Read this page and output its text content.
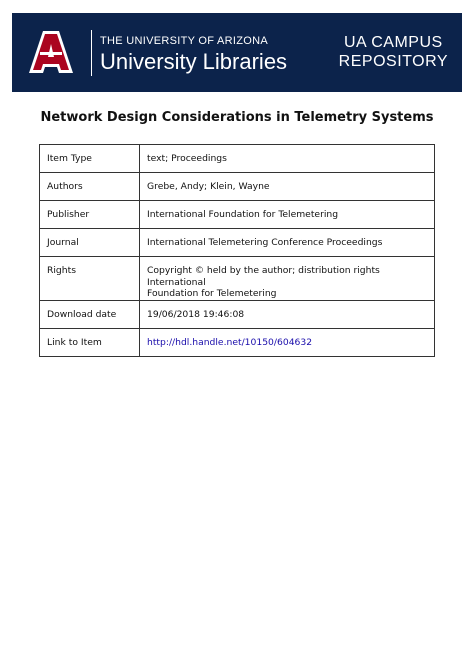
THE UNIVERSITY OF ARIZONA
University Libraries
UA CAMPUS
REPOSITORY
Network Design Considerations in Telemetry Systems
Item Type	text; Proceedings
Authors	Grebe, Andy; Klein, Wayne
Publisher	International Foundation for Telemetering
Journal	International Telemetering Conference Proceedings
Rights	Copyright © held by the author; distribution rights International
Foundation for Telemetering

Download date	19/06/2018 19:46:08
Link to Item	http://hdl.handle.net/10150/604632
